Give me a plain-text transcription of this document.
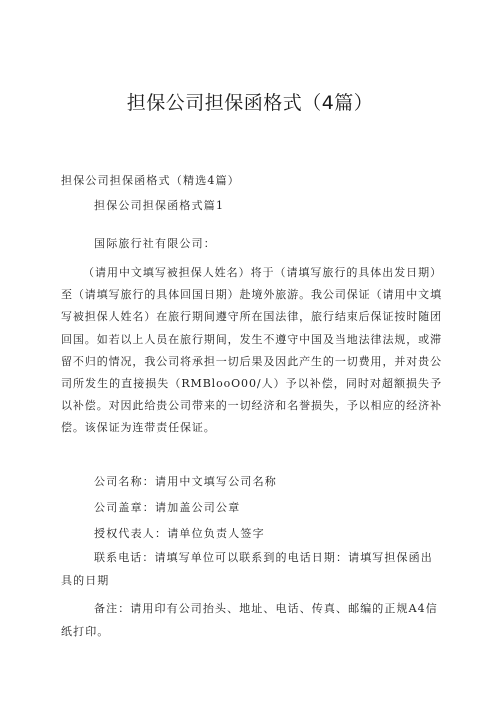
担保公司担保函格式（4篇）
担保公司担保函格式（精选4篇）
担保公司担保函格式篇1
国际旅行社有限公司：
（请用中文填写被担保人姓名）将于（请填写旅行的具体出发日期）至（请填写旅行的具体回国日期）赴境外旅游。我公司保证（请用中文填写被担保人姓名）在旅行期间遵守所在国法律，旅行结束后保证按时随团回国。如若以上人员在旅行期间，发生不遵守中国及当地法律法规，或滞留不归的情况，我公司将承担一切后果及因此产生的一切费用，并对贵公司所发生的直接损失（RMBlooO00/人）予以补偿，同时对超额损失予以补偿。对因此给贵公司带来的一切经济和名誉损失，予以相应的经济补偿。该保证为连带责任保证。
公司名称：请用中文填写公司名称
公司盖章：请加盖公司公章
授权代表人：请单位负责人签字
联系电话：请填写单位可以联系到的电话日期：请填写担保函出具的日期
备注：请用印有公司抬头、地址、电话、传真、邮编的正规A4信纸打印。
